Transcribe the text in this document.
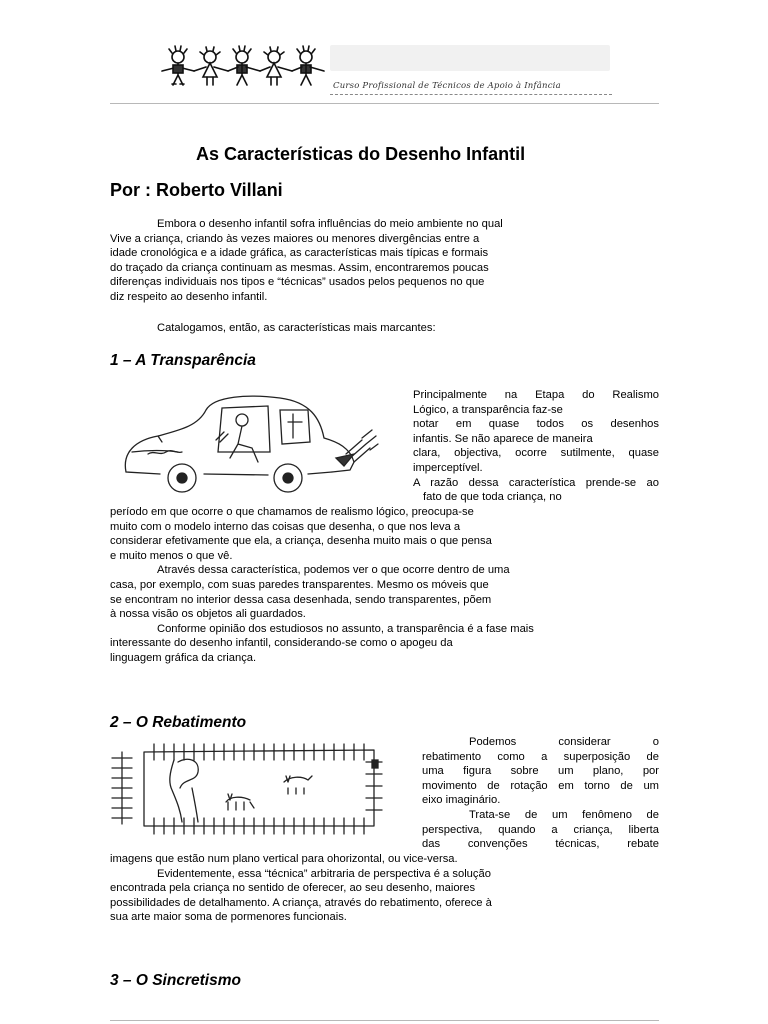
Curso Profissional de Técnicos de Apoio à Infância
As Características do Desenho Infantil
Por : Roberto Villani
Embora o desenho infantil sofra influências do meio ambiente no qual
Vive a criança, criando às vezes maiores ou menores divergências entre a
idade cronológica e a idade gráfica, as características mais típicas e formais
do traçado da criança continuam as mesmas. Assim, encontraremos poucas
diferenças individuais nos tipos e “técnicas” usados pelos pequenos no que
diz respeito ao desenho infantil.
Catalogamos, então, as características mais marcantes:
1 – A Transparência
Principalmente na Etapa do Realismo
Lógico, a transparência faz-se
notar em quase todos os desenhos
infantis. Se não aparece de maneira
clara, objectiva, ocorre sutilmente, quase
imperceptível.
A razão dessa característica prende-se ao
fato de que toda criança, no
período em que ocorre o que chamamos de realismo lógico, preocupa-se
muito com o modelo interno das coisas que desenha, o que nos leva a
considerar efetivamente que ela, a criança, desenha muito mais o que pensa
e muito menos o que vê.
Através dessa característica, podemos ver o que ocorre dentro de uma
casa, por exemplo, com suas paredes transparentes. Mesmo os móveis que
se encontram no interior dessa casa desenhada, sendo transparentes, põem
à nossa visão os objetos ali guardados.
Conforme opinião dos estudiosos no assunto, a transparência é a fase mais
interessante do desenho infantil, considerando-se como o apogeu da
linguagem gráfica da criança.
2 – O Rebatimento
Podemos considerar o
rebatimento como a superposição de
uma figura sobre um plano, por
movimento de rotação em torno de um
eixo imaginário.
Trata-se de um fenômeno de
perspectiva, quando a criança, liberta
das convenções técnicas, rebate
imagens que estão num plano vertical para ohorizontal, ou vice-versa.
Evidentemente, essa “técnica” arbitraria de perspectiva é a solução
encontrada pela criança no sentido de oferecer, ao seu desenho, maiores
possibilidades de detalhamento. A criança, através do rebatimento, oferece à
sua arte maior soma de pormenores funcionais.
3 – O Sincretismo
